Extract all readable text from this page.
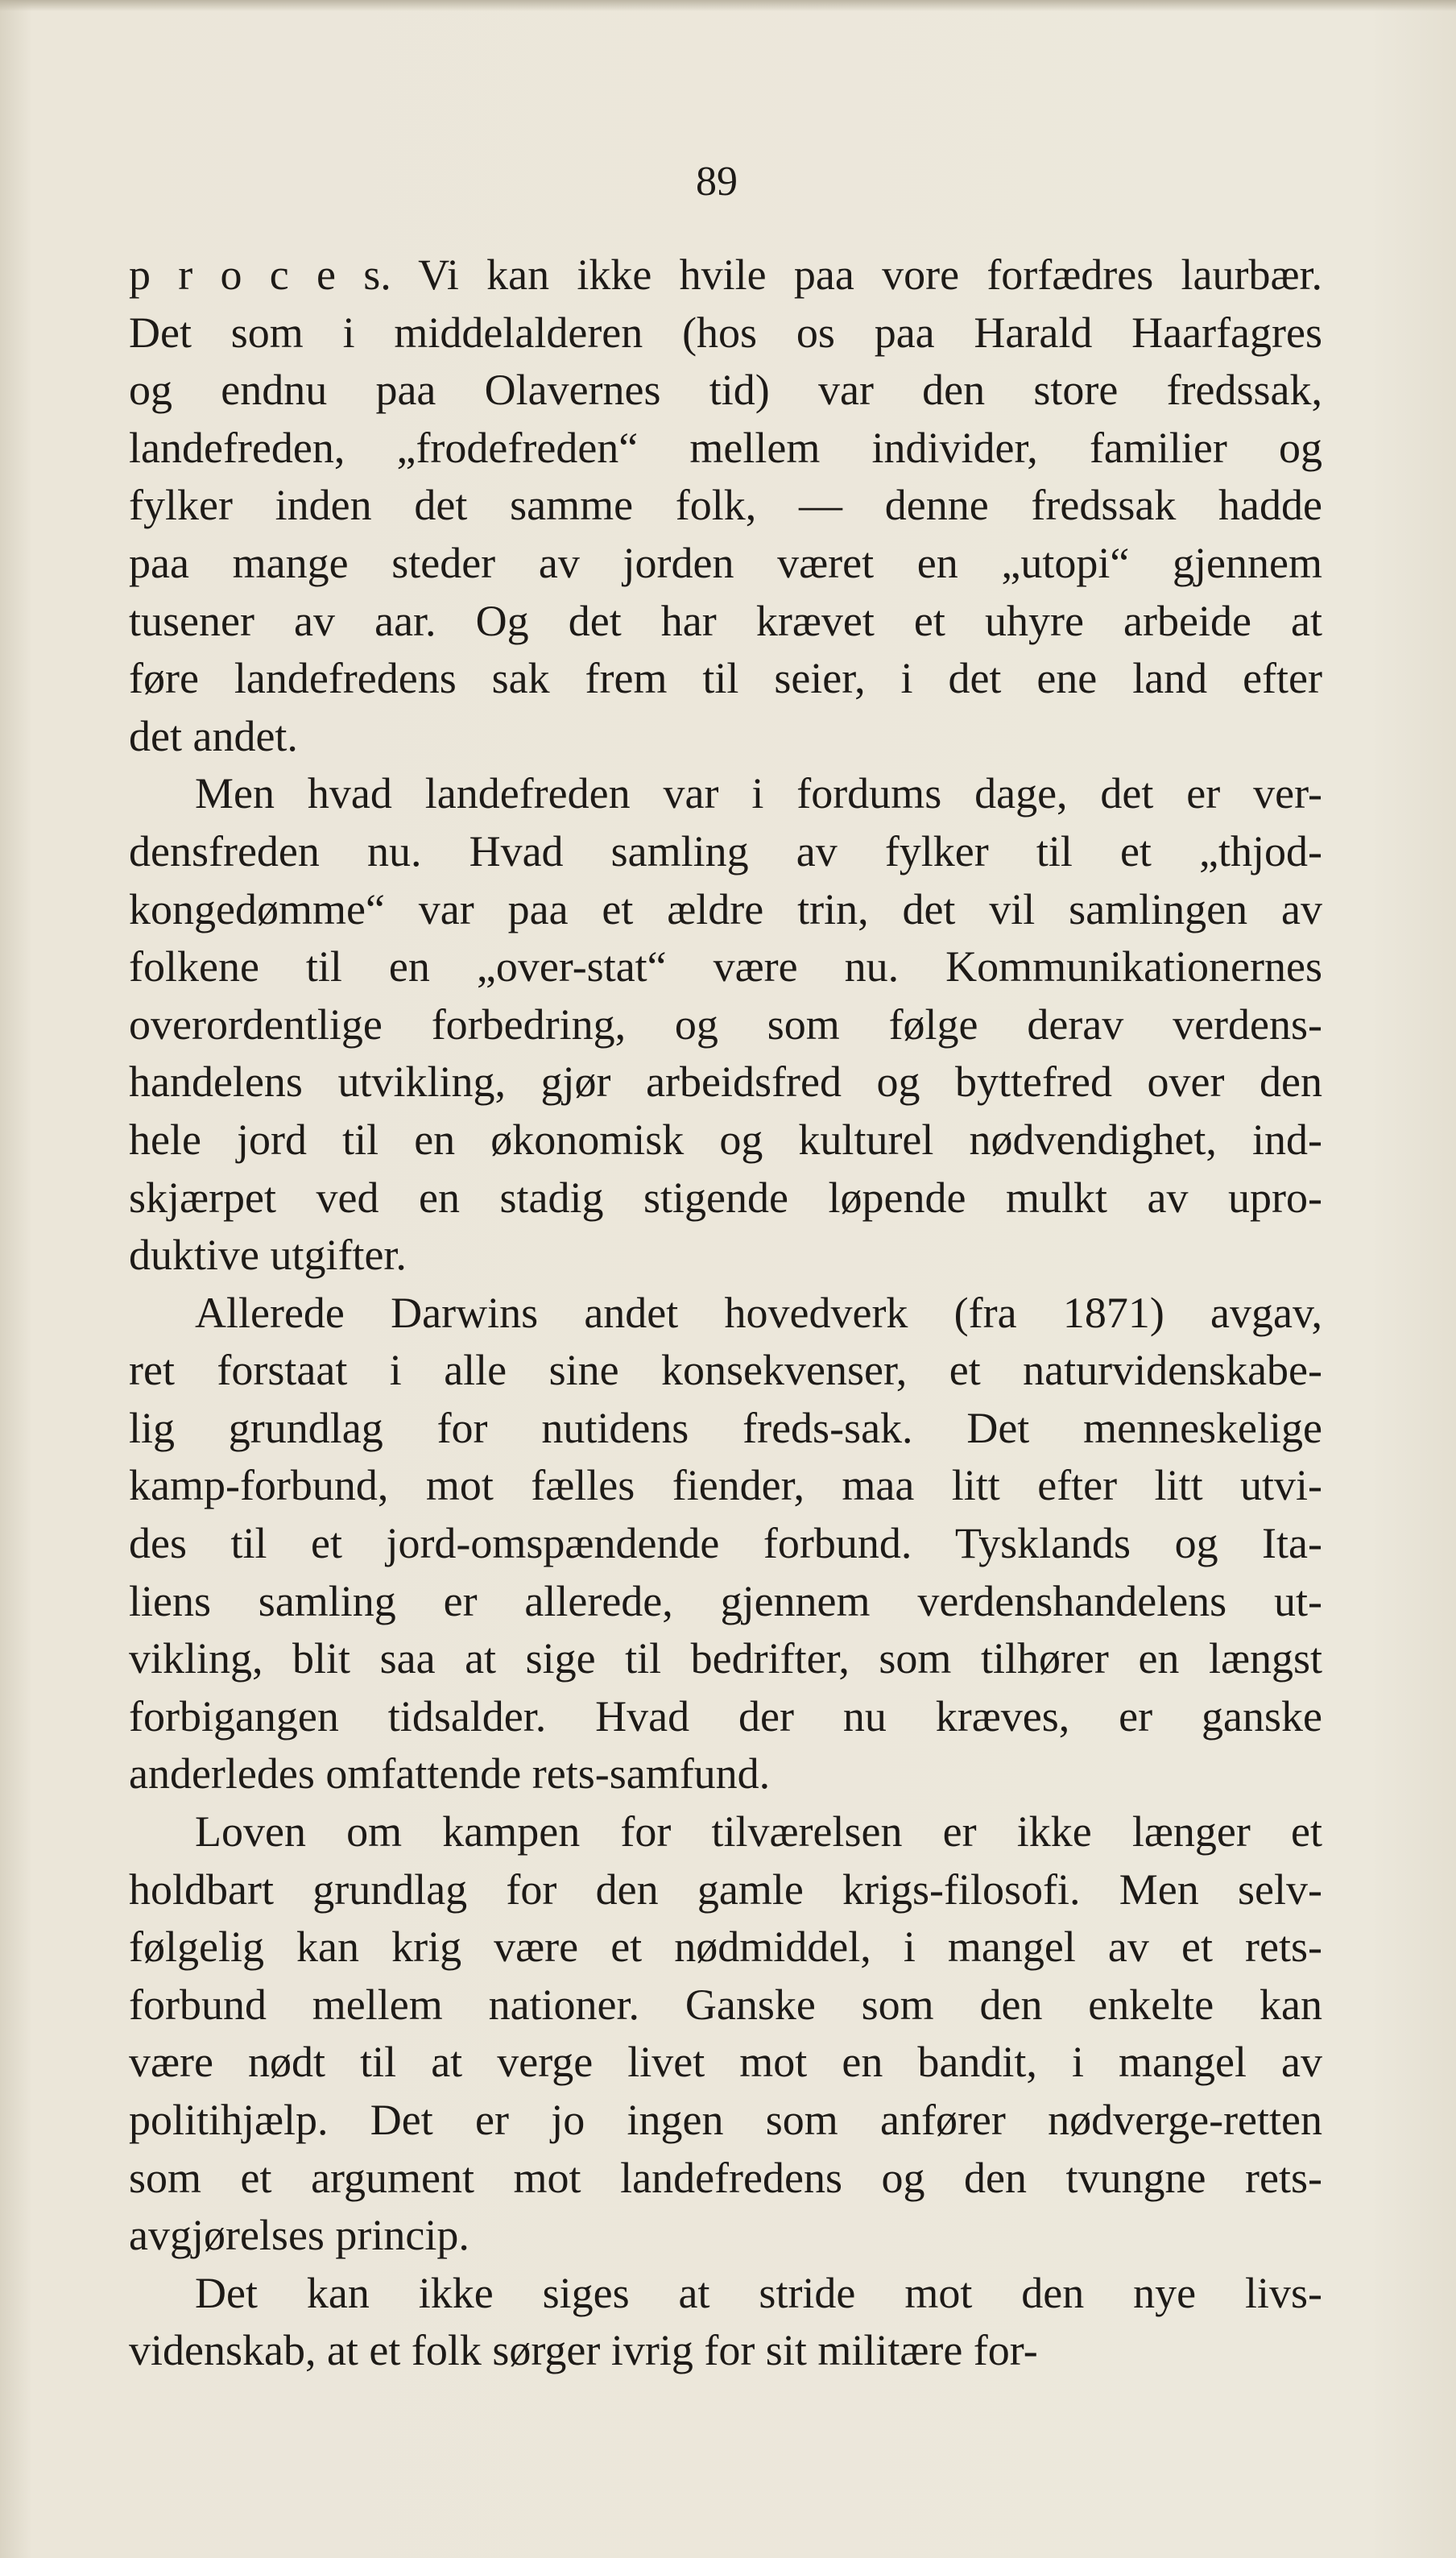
89
p r o c e s. Vi kan ikke hvile paa vore forfædres laurbær.
Det som i middelalderen (hos os paa Harald Haarfagres
og endnu paa Olavernes tid) var den store fredssak,
landefreden, „frodefreden“ mellem individer, familier og
fylker inden det samme folk, — denne fredssak hadde
paa mange steder av jorden været en „utopi“ gjennem
tusener av aar. Og det har krævet et uhyre arbeide at
føre landefredens sak frem til seier, i det ene land efter
det andet.
Men hvad landefreden var i fordums dage, det er ver-
densfreden nu. Hvad samling av fylker til et „thjod-
kongedømme“ var paa et ældre trin, det vil samlingen av
folkene til en „over-stat“ være nu. Kommunikationernes
overordentlige forbedring, og som følge derav verdens-
handelens utvikling, gjør arbeidsfred og byttefred over den
hele jord til en økonomisk og kulturel nødvendighet, ind-
skjærpet ved en stadig stigende løpende mulkt av upro-
duktive utgifter.
Allerede Darwins andet hovedverk (fra 1871) avgav,
ret forstaat i alle sine konsekvenser, et naturvidenskabe-
lig grundlag for nutidens freds-sak. Det menneskelige
kamp-forbund, mot fælles fiender, maa litt efter litt utvi-
des til et jord-omspændende forbund. Tysklands og Ita-
liens samling er allerede, gjennem verdenshandelens ut-
vikling, blit saa at sige til bedrifter, som tilhører en længst
forbigangen tidsalder. Hvad der nu kræves, er ganske
anderledes omfattende rets-samfund.
Loven om kampen for tilværelsen er ikke længer et
holdbart grundlag for den gamle krigs-filosofi. Men selv-
følgelig kan krig være et nødmiddel, i mangel av et rets-
forbund mellem nationer. Ganske som den enkelte kan
være nødt til at verge livet mot en bandit, i mangel av
politihjælp. Det er jo ingen som anfører nødverge-retten
som et argument mot landefredens og den tvungne rets-
avgjørelses princip.
Det kan ikke siges at stride mot den nye livs-
videnskab, at et folk sørger ivrig for sit militære for-
